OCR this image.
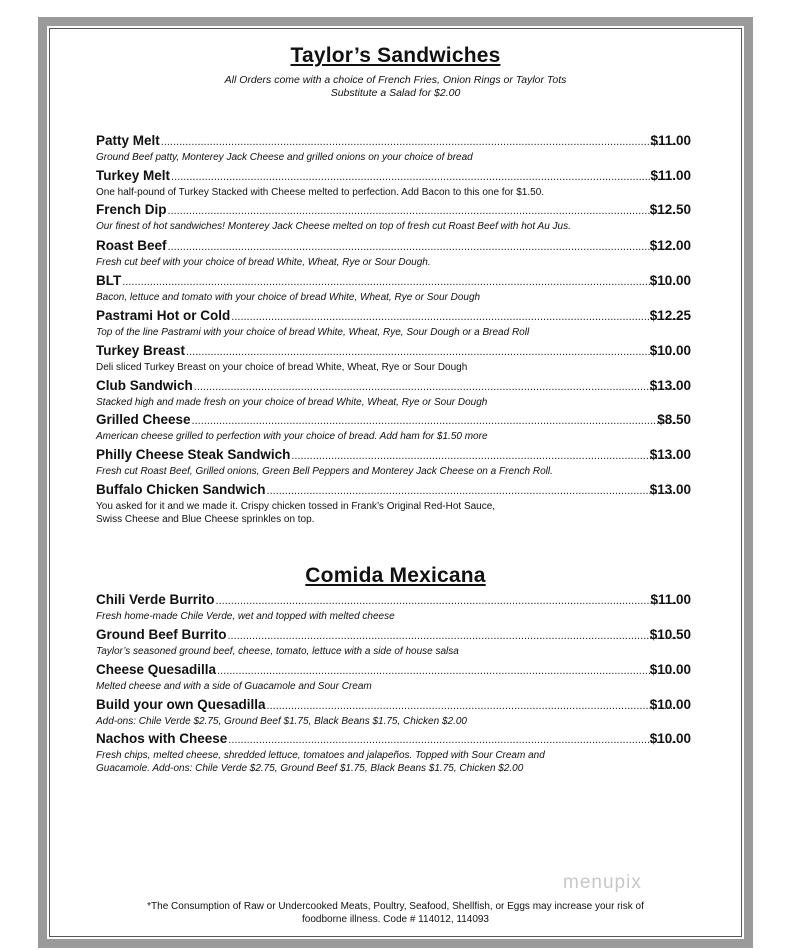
Taylor’s Sandwiches
All Orders come with a choice of French Fries, Onion Rings or Taylor Tots
Substitute a Salad for $2.00
Patty Melt .....	$11.00
Ground Beef patty, Monterey Jack Cheese and grilled onions on your choice of bread
Turkey Melt .....	$11.00
One half-pound of Turkey Stacked with Cheese melted to perfection. Add Bacon to this one for $1.50.
French Dip .....	$12.50
Our finest of hot sandwiches! Monterey Jack Cheese melted on top of fresh cut Roast Beef with hot Au Jus.
Roast Beef .....	$12.00
Fresh cut beef with your choice of bread White, Wheat, Rye or Sour Dough.
BLT .....	$10.00
Bacon, lettuce and tomato with your choice of bread White, Wheat, Rye or Sour Dough
Pastrami Hot or Cold .....	$12.25
Top of the line Pastrami with your choice of bread White, Wheat, Rye, Sour Dough or a Bread Roll
Turkey Breast .....	$10.00
Deli sliced Turkey Breast on your choice of bread White, Wheat, Rye or Sour Dough
Club Sandwich .....	$13.00
Stacked high and made fresh on your choice of bread White, Wheat, Rye or Sour Dough
Grilled Cheese .....	$8.50
American cheese grilled to perfection with your choice of bread. Add ham for $1.50 more
Philly Cheese Steak Sandwich .....	$13.00
Fresh cut Roast Beef, Grilled onions, Green Bell Peppers and Monterey Jack Cheese on a French Roll.
Buffalo Chicken Sandwich .....	$13.00
You asked for it and we made it. Crispy chicken tossed in Frank’s Original Red-Hot Sauce,
Swiss Cheese and Blue Cheese sprinkles on top.
Comida Mexicana
Chili Verde Burrito .....	$11.00
Fresh home-made Chile Verde, wet and topped with melted cheese
Ground Beef Burrito .....	$10.50
Taylor’s seasoned ground beef, cheese, tomato, lettuce with a side of house salsa
Cheese Quesadilla .....	$10.00
Melted cheese and with a side of Guacamole and Sour Cream
Build your own Quesadilla .....	$10.00
Add-ons: Chile Verde $2.75, Ground Beef $1.75, Black Beans $1.75, Chicken $2.00
Nachos with Cheese .....	$10.00
Fresh chips, melted cheese, shredded lettuce, tomatoes and jalapeños. Topped with Sour Cream and
Guacamole. Add-ons: Chile Verde $2.75, Ground Beef $1.75, Black Beans $1.75, Chicken $2.00
menupix
*The Consumption of Raw or Undercooked Meats, Poultry, Seafood, Shellfish, or Eggs may increase your risk of
foodborne illness. Code # 114012, 114093
